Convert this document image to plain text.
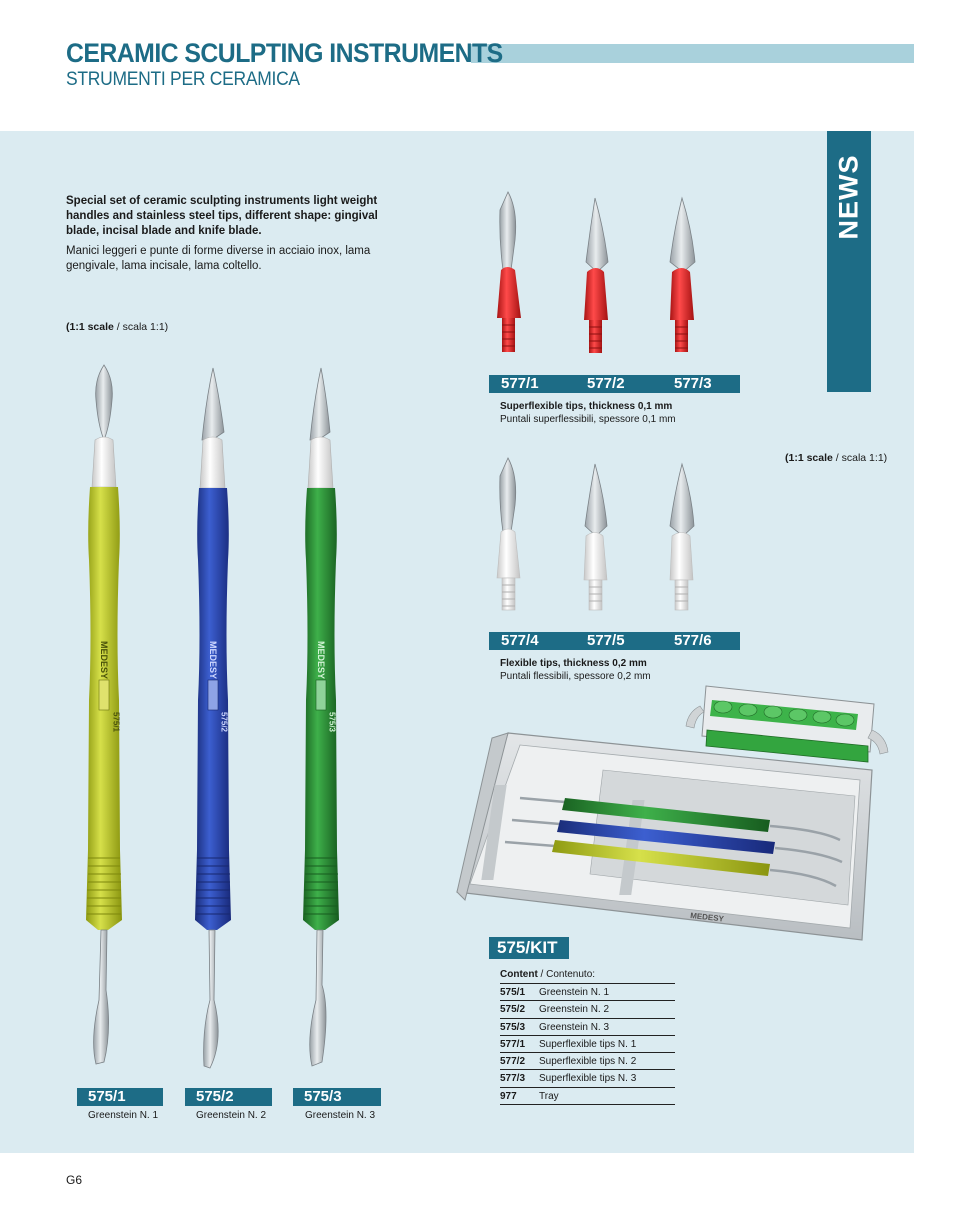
CERAMIC SCULPTING INSTRUMENTS
STRUMENTI PER CERAMICA
NEWS
Special set of ceramic sculpting instruments light weight handles and stainless steel tips, different shape: gingival blade, incisal blade and knife blade.
Manici leggeri e punte di forme diverse in acciaio inox, lama gengivale, lama incisale, lama coltello.
(1:1 scale / scala 1:1)
(1:1 scale / scala 1:1)
MEDESY
575/1
Greenstein N. 1
575/2
Greenstein N. 2
575/3
Greenstein N. 3
577/1	577/2	577/3
Superflexible tips, thickness 0,1 mm
Puntali superflessibili, spessore 0,1 mm
577/4	577/5	577/6
Flexible tips, thickness 0,2 mm
Puntali flessibili, spessore 0,2 mm
575/KIT
Content / Contenuto:
575/1 Greenstein N. 1
575/2 Greenstein N. 2
575/3 Greenstein N. 3
577/1 Superflexible tips N. 1
577/2 Superflexible tips N. 2
577/3 Superflexible tips N. 3
977 Tray
MEDESY	MEDESY	MEDESY
575/1	575/2	575/3
G6
